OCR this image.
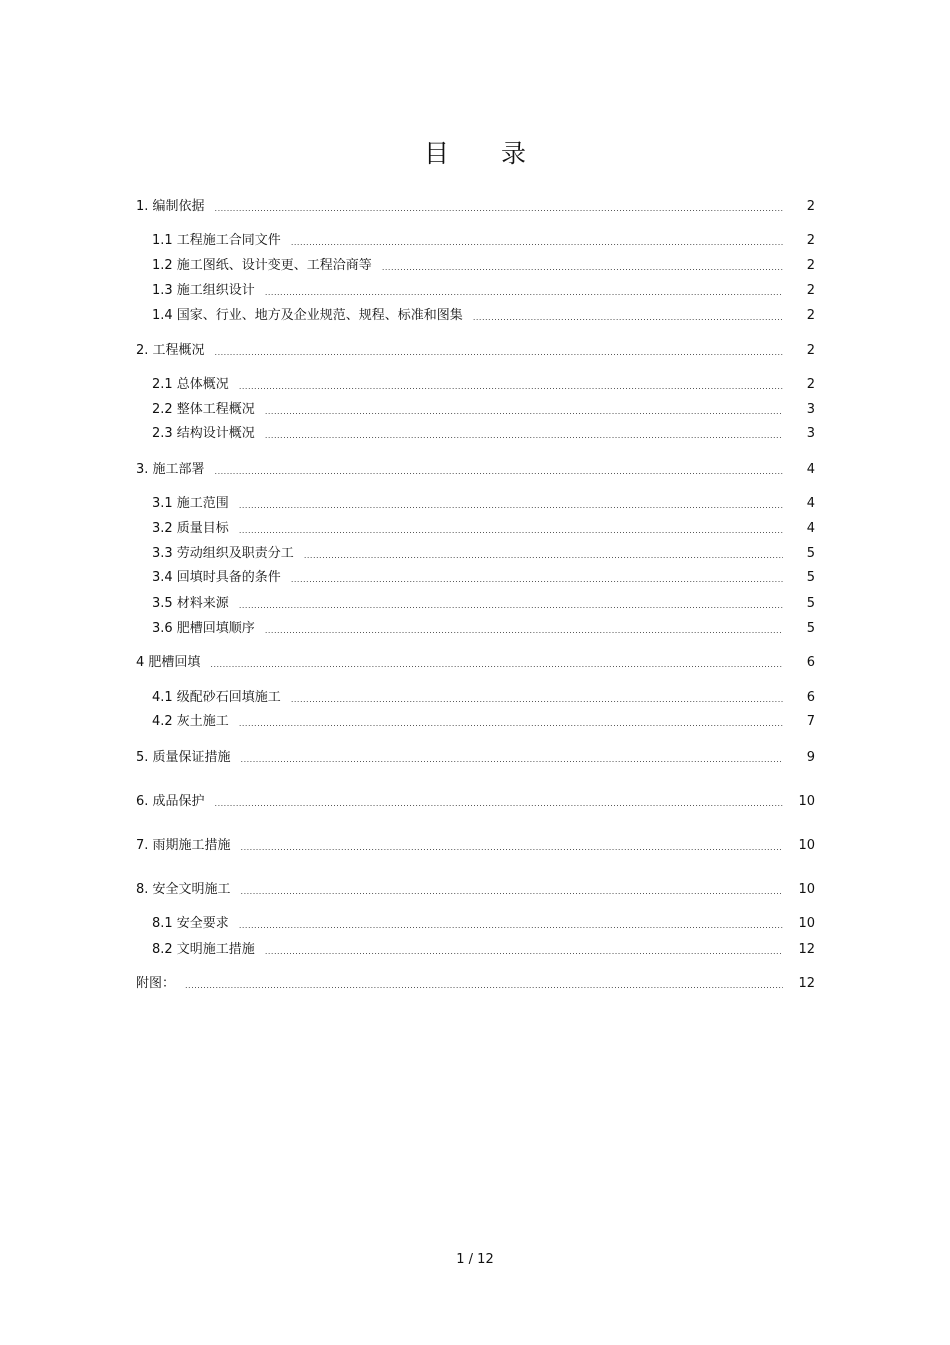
目 录
1. 编制依据 .....	2
1.1 工程施工合同文件 .....	2
1.2 施工图纸、设计变更、工程洽商等 .....	2
1.3 施工组织设计 .....	2
1.4 国家、行业、地方及企业规范、规程、标准和图集 .....	2
2. 工程概况 .....	2
2.1 总体概况 .....	2
2.2 整体工程概况 .....	3
2.3 结构设计概况 .....	3
3. 施工部署 .....	4
3.1 施工范围 .....	4
3.2 质量目标 .....	4
3.3 劳动组织及职责分工 .....	5
3.4 回填时具备的条件 .....	5
3.5 材料来源 .....	5
3.6 肥槽回填顺序 .....	5
4 肥槽回填 .....	6
4.1 级配砂石回填施工 .....	6
4.2 灰土施工 .....	7
5. 质量保证措施 .....	9
6. 成品保护 .....	10
7. 雨期施工措施 .....	10
8. 安全文明施工 .....	10
8.1 安全要求 .....	10
8.2 文明施工措施 .....	12
附图： .....	12
1 / 12
